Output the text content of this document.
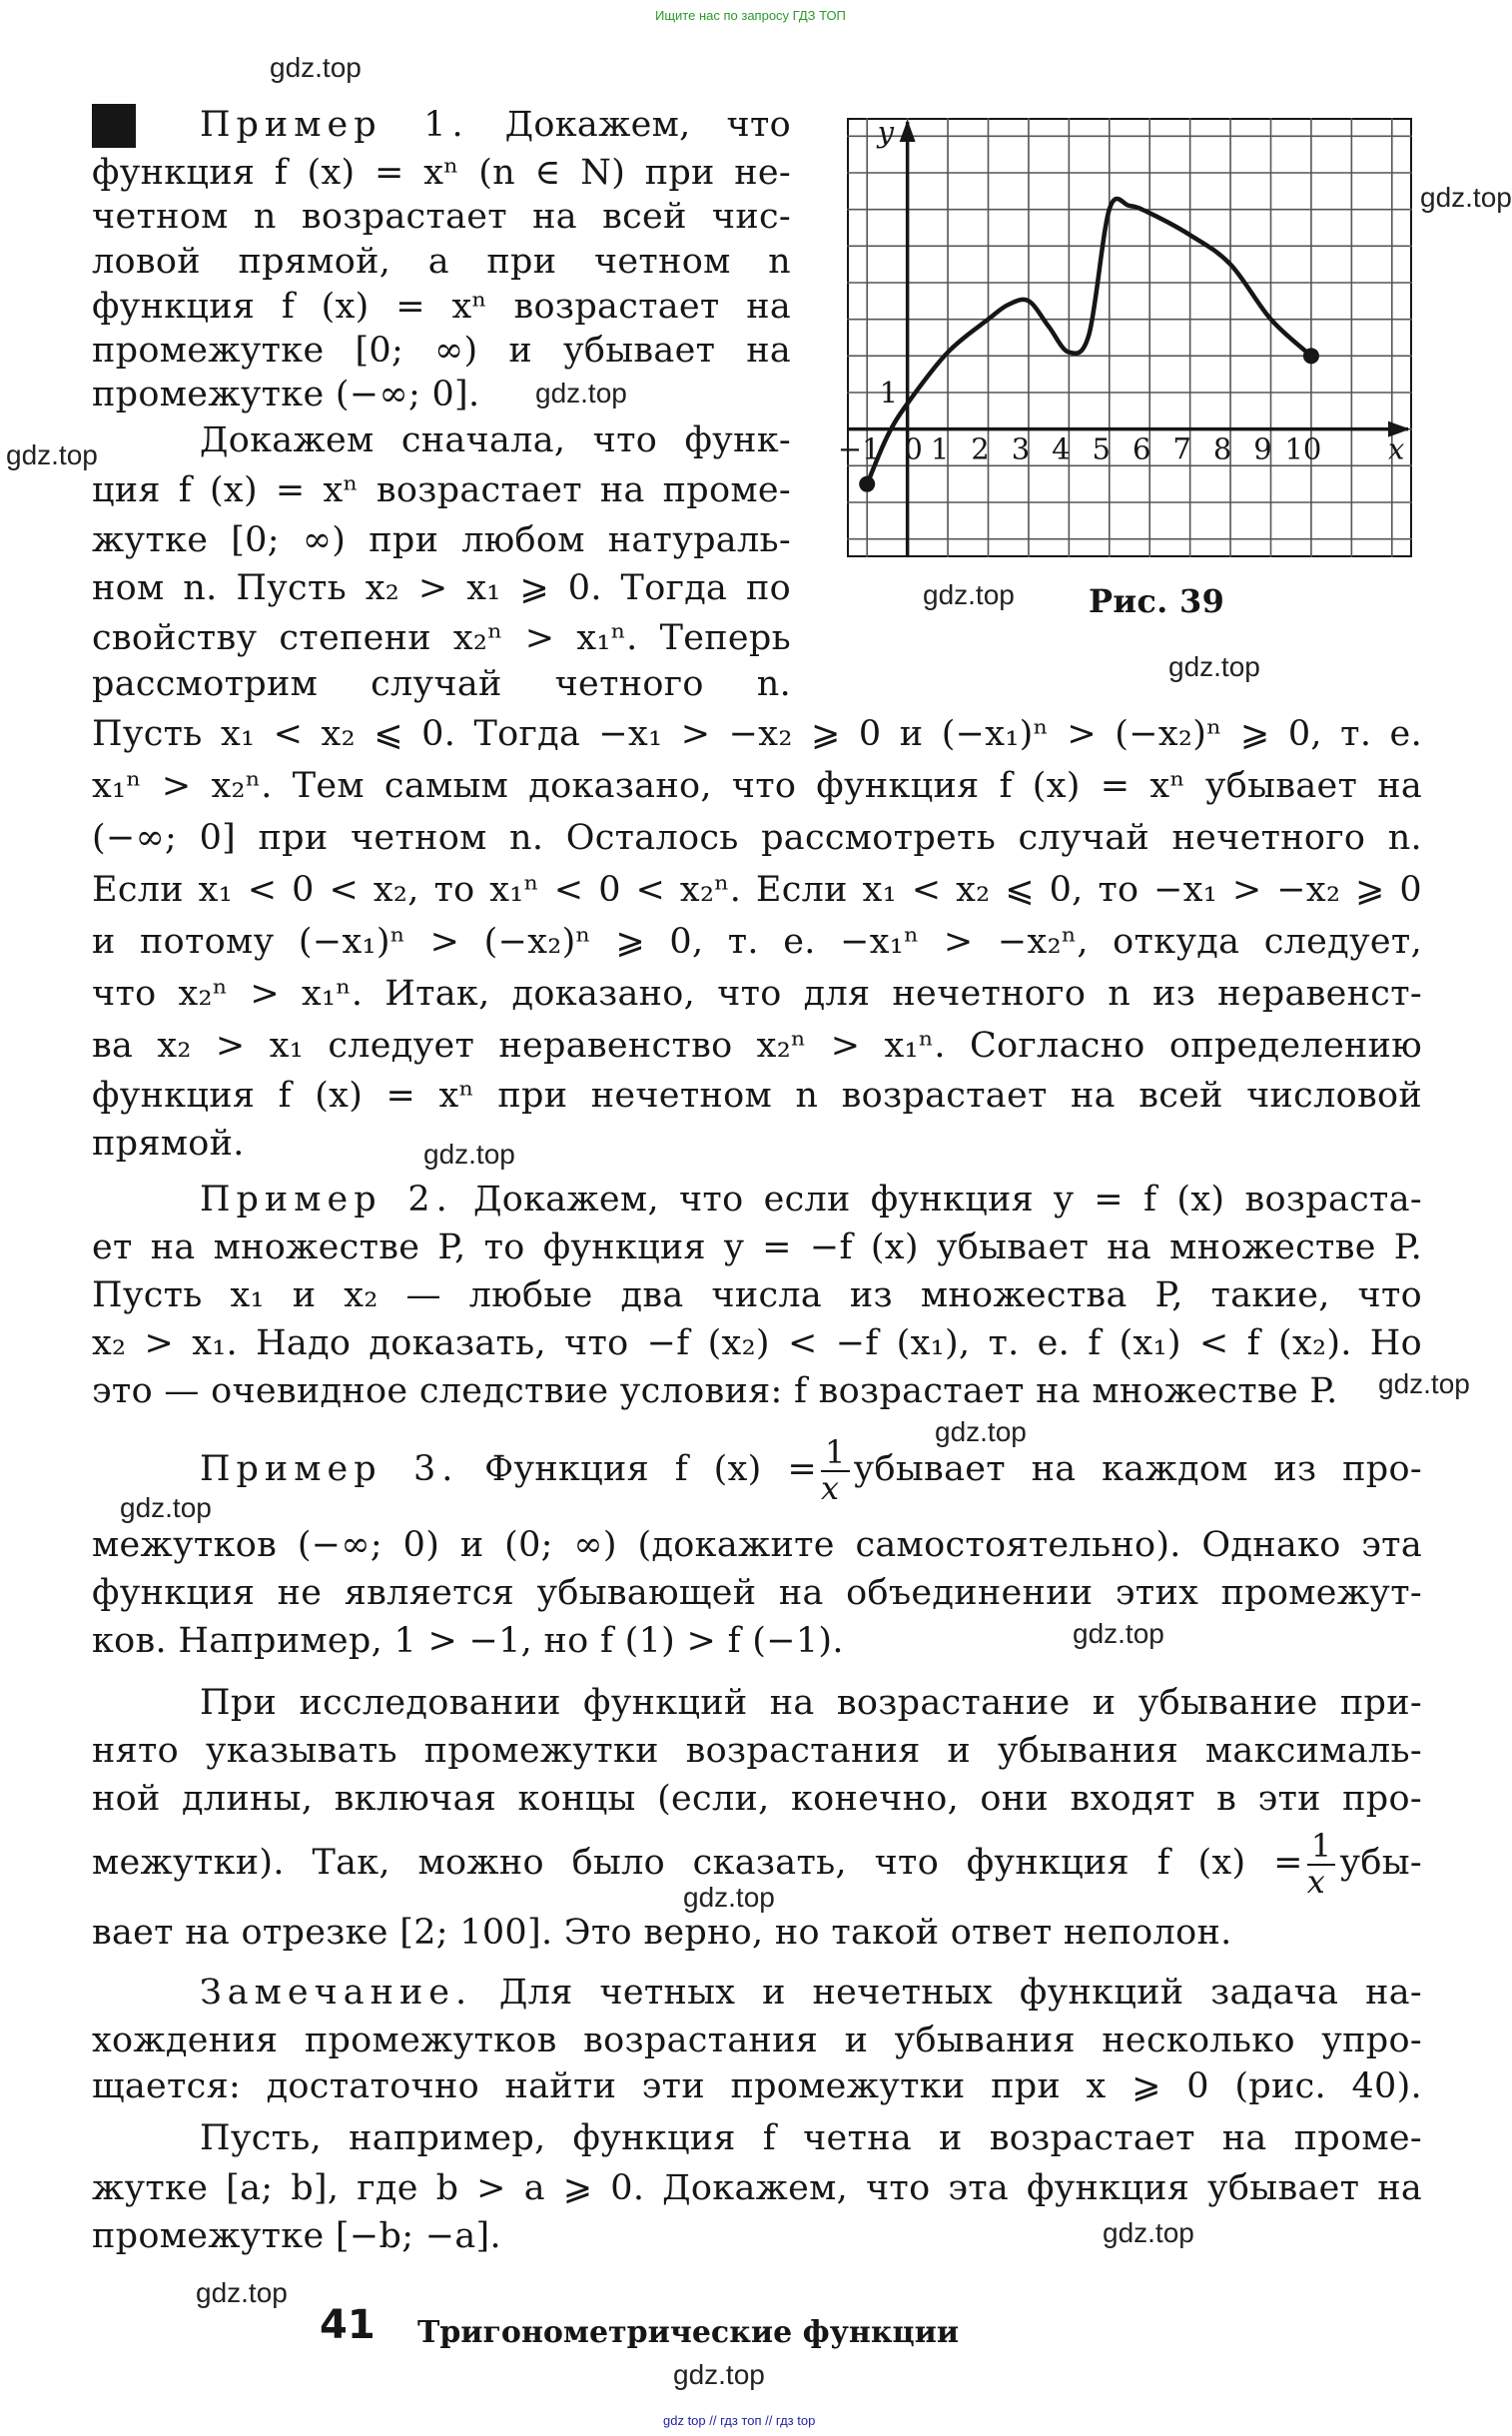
Ищите нас по запросу ГДЗ ТОП
gdz top // гдз топ // гдз top
gdz.top
gdz.top
gdz.top
gdz.top
gdz.top
gdz.top
gdz.top
gdz.top
gdz.top
gdz.top
gdz.top
gdz.top
gdz.top
gdz.top
gdz.top
Пример 1. Докажем, что
функция f (x) = xⁿ (n ∈ N) при не-
четном n возрастает на всей чис-
ловой прямой, а при четном n
функция f (x) = xⁿ возрастает на
промежутке [0; ∞) и убывает на
промежутке (−∞; 0].
Докажем сначала, что функ-
ция f (x) = xⁿ возрастает на проме-
жутке [0; ∞) при любом натураль-
ном n. Пусть x₂ > x₁ ⩾ 0. Тогда по
свойству степени x₂ⁿ > x₁ⁿ. Теперь
рассмотрим случай четного n.
Пусть x₁ < x₂ ⩽ 0. Тогда −x₁ > −x₂ ⩾ 0 и (−x₁)ⁿ > (−x₂)ⁿ ⩾ 0, т. е.
x₁ⁿ > x₂ⁿ. Тем самым доказано, что функция f (x) = xⁿ убывает на
(−∞; 0] при четном n. Осталось рассмотреть случай нечетного n.
Если x₁ < 0 < x₂, то x₁ⁿ < 0 < x₂ⁿ. Если x₁ < x₂ ⩽ 0, то −x₁ > −x₂ ⩾ 0
и потому (−x₁)ⁿ > (−x₂)ⁿ ⩾ 0, т. е. −x₁ⁿ > −x₂ⁿ, откуда следует,
что x₂ⁿ > x₁ⁿ. Итак, доказано, что для нечетного n из неравенст-
ва x₂ > x₁ следует неравенство x₂ⁿ > x₁ⁿ. Согласно определению
функция f (x) = xⁿ при нечетном n возрастает на всей числовой
прямой.
−1 0 1 2 3 4 5 6 7 8 9 10
1
y
x
Рис. 39
Пример 2. Докажем, что если функция y = f (x) возраста-
ет на множестве P, то функция y = −f (x) убывает на множестве P.
Пусть x₁ и x₂ — любые два числа из множества P, такие, что
x₂ > x₁. Надо доказать, что −f (x₂) < −f (x₁), т. е. f (x₁) < f (x₂). Но
это — очевидное следствие условия: f возрастает на множестве P.
Пример 3. Функция f $(x) = \frac{1}{x}$ убывает на каждом из про-
межутков (−∞; 0) и (0; ∞) (докажите самостоятельно). Однако эта
функция не является убывающей на объединении этих промежут-
ков. Например, 1 > −1, но f (1) > f (−1).
При исследовании функций на возрастание и убывание при-
нято указывать промежутки возрастания и убывания максималь-
ной длины, включая концы (если, конечно, они входят в эти про-
межутки). Так, можно было сказать, что функция f $(x) = \frac{1}{x} убы-$
вает на отрезке [2; 100]. Это верно, но такой ответ неполон.
Замечание. Для четных и нечетных функций задача на-
хождения промежутков возрастания и убывания несколько упро-
щается: достаточно найти эти промежутки при x ⩾ 0 (рис. 40).
Пусть, например, функция f четна и возрастает на проме-
жутке [a; b], где b > a ⩾ 0. Докажем, что эта функция убывает на
промежутке [−b; −a].
41 Тригонометрические функции
